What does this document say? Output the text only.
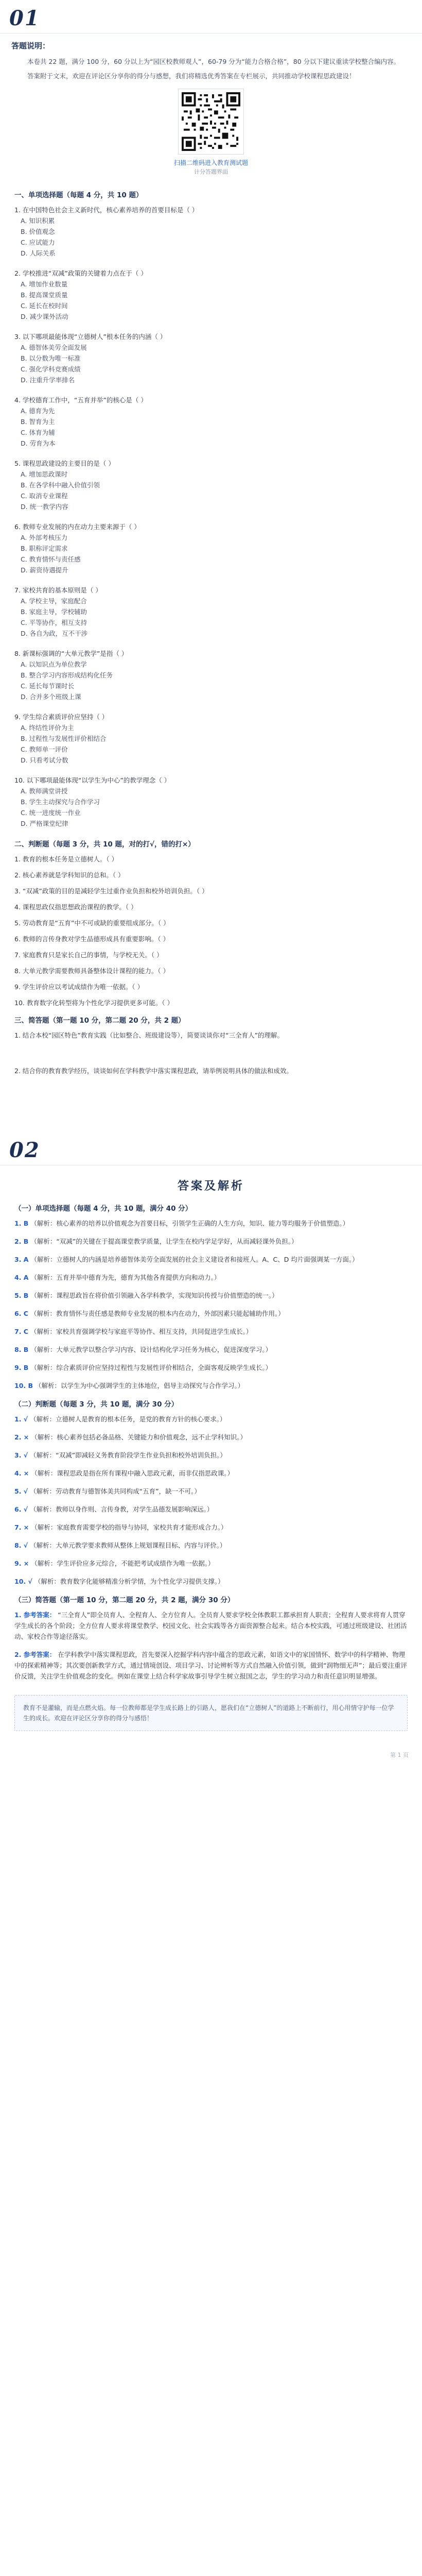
01
答题说明：

本卷共 22 题，满分 100 分，60 分以上为“园区校教师观人”，60-79 分为“能力合格合格”，80 分以下建议重读学校整合编内容。

答案附于文末，欢迎在评论区分享你的得分与感想，我们将精选优秀答案在专栏展示，共同推动学校课程思政建设！

扫描二维码进入教育测试题
计分答题界面
一、单项选择题（每题 4 分，共 10 题）
1. 在中国特色社会主义新时代，核心素养培养的首要目标是（ ）
A. 知识积累
B. 价值观念
C. 应试能力
D. 人际关系
2. 学校推进“双减”政策的关键着力点在于（ ）
A. 增加作业数量
B. 提高课堂质量
C. 延长在校时间
D. 减少课外活动
3. 以下哪项最能体现“立德树人”根本任务的内涵（ ）
A. 德智体美劳全面发展
B. 以分数为唯一标准
C. 强化学科竞赛成绩
D. 注重升学率排名
4. 学校德育工作中，“五育并举”的核心是（ ）
A. 德育为先
B. 智育为主
C. 体育为辅
D. 劳育为本
5. 课程思政建设的主要目的是（ ）
A. 增加思政课时
B. 在各学科中融入价值引领
C. 取消专业课程
D. 统一教学内容
6. 教师专业发展的内在动力主要来源于（ ）
A. 外部考核压力
B. 职称评定需求
C. 教育情怀与责任感
D. 薪资待遇提升
7. 家校共育的基本原则是（ ）
A. 学校主导，家庭配合
B. 家庭主导，学校辅助
C. 平等协作，相互支持
D. 各自为政，互不干涉
8. 新课标强调的“大单元教学”是指（ ）
A. 以知识点为单位教学
B. 整合学习内容形成结构化任务
C. 延长每节课时长
D. 合并多个班级上课
9. 学生综合素质评价应坚持（ ）
A. 终结性评价为主
B. 过程性与发展性评价相结合
C. 教师单一评价
D. 只看考试分数
10. 以下哪项最能体现“以学生为中心”的教学理念（ ）
A. 教师满堂讲授
B. 学生主动探究与合作学习
C. 统一进度统一作业
D. 严格课堂纪律
二、判断题（每题 3 分，共 10 题，对的打√，错的打×）
1. 教育的根本任务是立德树人。（ ）
2. 核心素养就是学科知识的总和。（ ）
3. “双减”政策的目的是减轻学生过重作业负担和校外培训负担。（ ）
4. 课程思政仅指思想政治课程的教学。（ ）
5. 劳动教育是“五育”中不可或缺的重要组成部分。（ ）
6. 教师的言传身教对学生品德形成具有重要影响。（ ）
7. 家庭教育只是家长自己的事情，与学校无关。（ ）
8. 大单元教学需要教师具备整体设计课程的能力。（ ）
9. 学生评价应以考试成绩作为唯一依据。（ ）
10. 教育数字化转型将为个性化学习提供更多可能。（ ）
三、简答题（第一题 10 分，第二题 20 分，共 2 题）
1. 结合本校“园区特色”教育实践（比如整合、班级建设等），简要谈谈你对“三全育人”的理解。
2. 结合你的教育教学经历，谈谈如何在学科教学中落实课程思政，请举例说明具体的做法和成效。
02
答案及解析
（一）单项选择题（每题 4 分，共 10 题，满分 40 分）
1. B （解析：核心素养的培养以价值观念为首要目标，引领学生正确的人生方向，知识、能力等均服务于价值塑造。）
2. B （解析：“双减”的关键在于提高课堂教学质量，让学生在校内学足学好，从而减轻课外负担。）
3. A （解析：立德树人的内涵是培养德智体美劳全面发展的社会主义建设者和接班人。A、C、D 均片面强调某一方面。）
4. A （解析：五育并举中德育为先，德育为其他各育提供方向和动力。）
5. B （解析：课程思政旨在将价值引领融入各学科教学，实现知识传授与价值塑造的统一。）
6. C （解析：教育情怀与责任感是教师专业发展的根本内在动力，外部因素只能起辅助作用。）
7. C （解析：家校共育强调学校与家庭平等协作、相互支持，共同促进学生成长。）
8. B （解析：大单元教学以整合学习内容、设计结构化学习任务为核心，促进深度学习。）
9. B （解析：综合素质评价应坚持过程性与发展性评价相结合，全面客观反映学生成长。）
10. B （解析：以学生为中心强调学生的主体地位，倡导主动探究与合作学习。）
（二）判断题（每题 3 分，共 10 题，满分 30 分）
1. √ （解析：立德树人是教育的根本任务，是党的教育方针的核心要求。）
2. × （解析：核心素养包括必备品格、关键能力和价值观念，远不止学科知识。）
3. √ （解析：“双减”即减轻义务教育阶段学生作业负担和校外培训负担。）
4. × （解析：课程思政是指在所有课程中融入思政元素，而非仅指思政课。）
5. √ （解析：劳动教育与德智体美共同构成“五育”，缺一不可。）
6. √ （解析：教师以身作则、言传身教，对学生品德发展影响深远。）
7. × （解析：家庭教育需要学校的指导与协同，家校共育才能形成合力。）
8. √ （解析：大单元教学要求教师从整体上规划课程目标、内容与评价。）
9. × （解析：学生评价应多元综合，不能把考试成绩作为唯一依据。）
10. √ （解析：教育数字化能够精准分析学情，为个性化学习提供支撑。）
（三）简答题（第一题 10 分，第二题 20 分，共 2 题，满分 30 分）
1. 参考答案： “三全育人”即全员育人、全程育人、全方位育人。全员育人要求学校全体教职工都承担育人职责；全程育人要求将育人贯穿学生成长的各个阶段；全方位育人要求将课堂教学、校园文化、社会实践等各方面资源整合起来。结合本校实践，可通过班级建设、社团活动、家校合作等途径落实。
2. 参考答案： 在学科教学中落实课程思政，首先要深入挖掘学科内容中蕴含的思政元素，如语文中的家国情怀、数学中的科学精神、物理中的探索精神等；其次要创新教学方式，通过情境创设、项目学习、讨论辨析等方式自然融入价值引领，做到“润物细无声”；最后要注重评价反馈，关注学生价值观念的变化。例如在课堂上结合科学家故事引导学生树立报国之志，学生的学习动力和责任意识明显增强。
教育不是灌输，而是点燃火焰。每一位教师都是学生成长路上的引路人，愿我们在“立德树人”的道路上不断前行，用心用情守护每一位学生的成长。欢迎在评论区分享你的得分与感悟！
第 1 页
